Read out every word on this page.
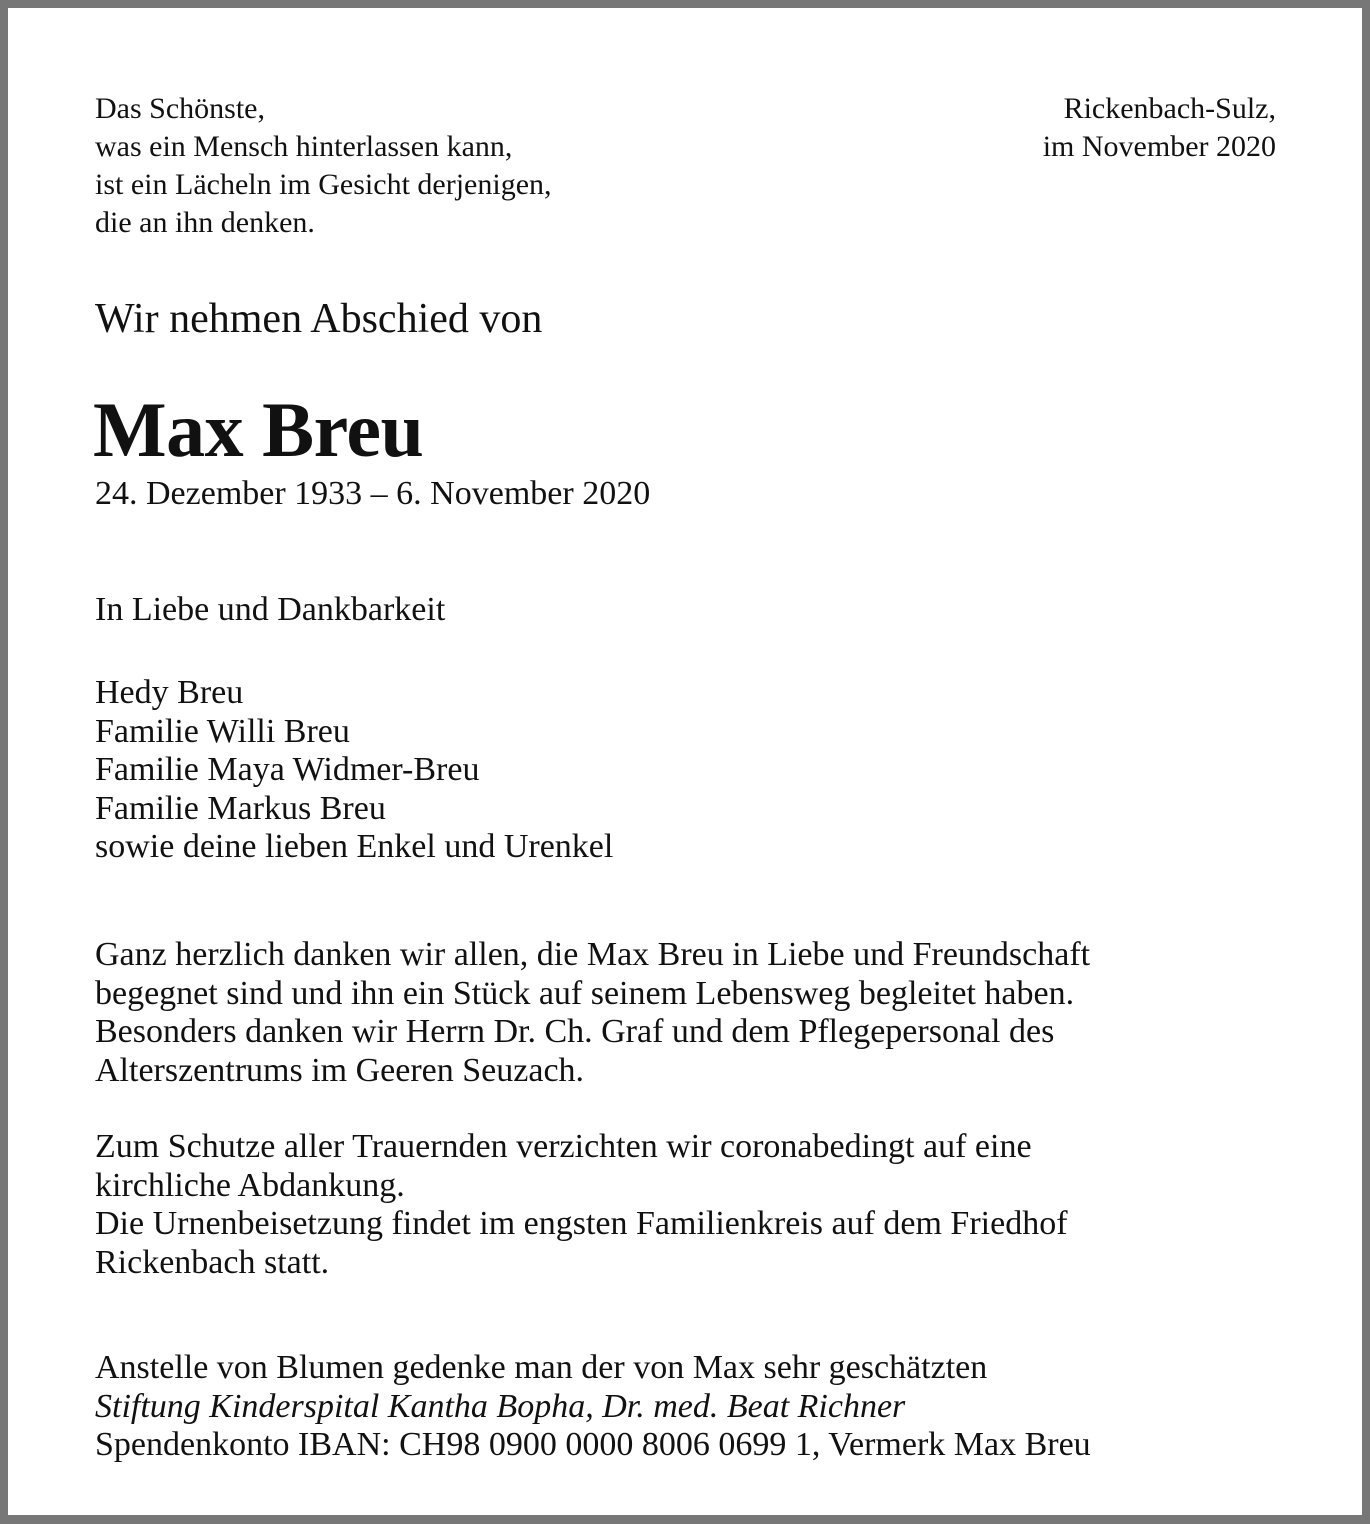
Das Schönste,
was ein Mensch hinterlassen kann,
ist ein Lächeln im Gesicht derjenigen,
die an ihn denken.
Rickenbach-Sulz,
im November 2020

Wir nehmen Abschied von

Max Breu

24. Dezember 1933 – 6. November 2020

In Liebe und Dankbarkeit

Hedy Breu
Familie Willi Breu
Familie Maya Widmer-Breu
Familie Markus Breu
sowie deine lieben Enkel und Urenkel
Ganz herzlich danken wir allen, die Max Breu in Liebe und Freundschaft
begegnet sind und ihn ein Stück auf seinem Lebensweg begleitet haben.
Besonders danken wir Herrn Dr. Ch. Graf und dem Pflegepersonal des
Alterszentrums im Geeren Seuzach.
Zum Schutze aller Trauernden verzichten wir coronabedingt auf eine
kirchliche Abdankung.
Die Urnenbeisetzung findet im engsten Familienkreis auf dem Friedhof
Rickenbach statt.
Anstelle von Blumen gedenke man der von Max sehr geschätzten
Stiftung Kinderspital Kantha Bopha, Dr. med. Beat Richner
Spendenkonto IBAN: CH98 0900 0000 8006 0699 1, Vermerk Max Breu
